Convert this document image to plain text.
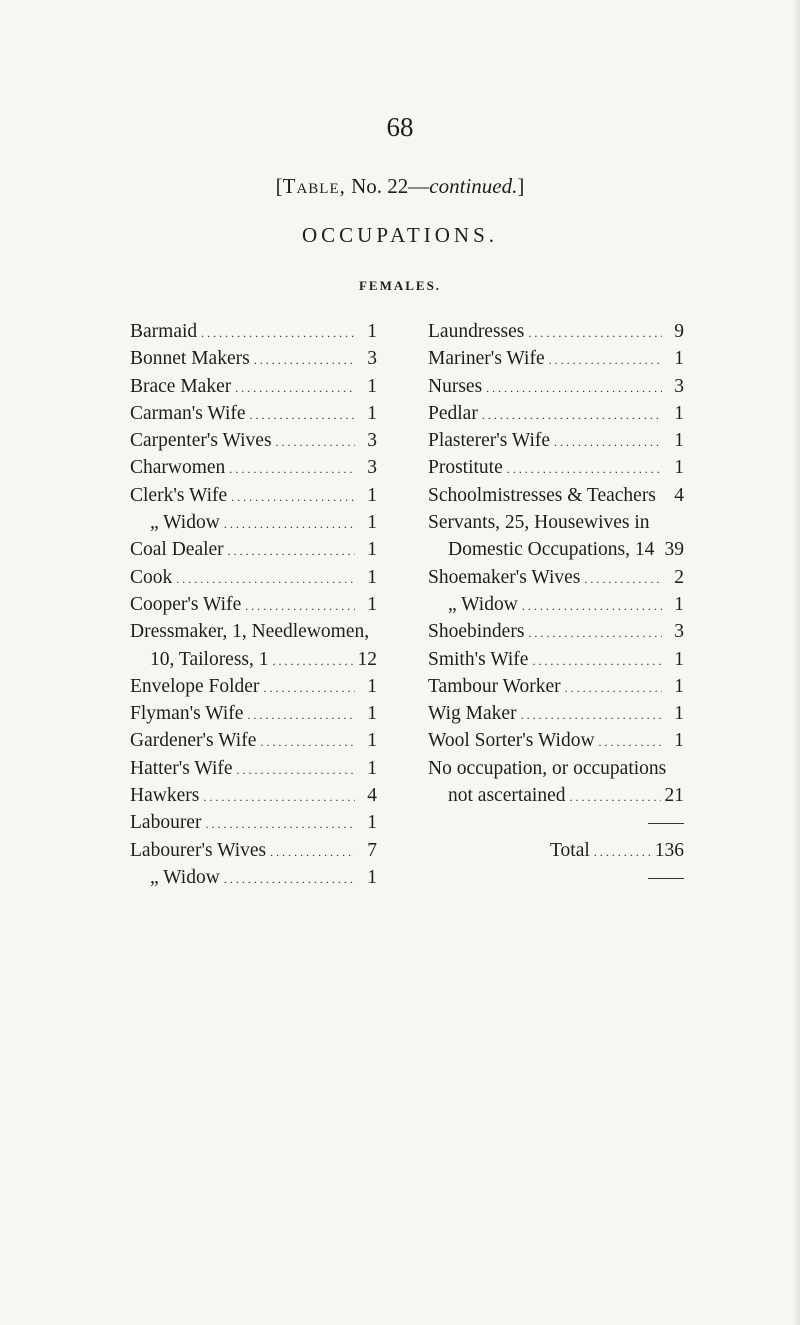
68
[Table, No. 22—continued.]
OCCUPATIONS.
FEMALES.
Barmaid . . .	1
Bonnet Makers . . .	3
Brace Maker . . .	1
Carman's Wife . . .	1
Carpenter's Wives . . .	3
Charwomen . . .	3
Clerk's Wife . . .	1
„ Widow . . .	1
Coal Dealer . . .	1
Cook . . .	1
Cooper's Wife . . .	1
Dressmaker, 1, Needlewomen,
10, Tailoress, 1 . . .	12
Envelope Folder . . .	1
Flyman's Wife . . .	1
Gardener's Wife . . .	1
Hatter's Wife . . .	1
Hawkers . . .	4
Labourer . . .	1
Labourer's Wives . . .	7
„ Widow . . .	1
Laundresses . . .	9
Mariner's Wife . . .	1
Nurses . . .	3
Pedlar . . .	1
Plasterer's Wife . . .	1
Prostitute . . .	1
Schoolmistresses & Teachers 4
Servants, 25, Housewives in
Domestic Occupations, 14 39
Shoemaker's Wives . . .	2
„ Widow . . .	1
Shoebinders . . .	3
Smith's Wife . . .	1
Tambour Worker . . .	1
Wig Maker . . .	1
Wool Sorter's Widow . . .	1
No occupation, or occupations
not ascertained . . .	21
Total . . .	136
